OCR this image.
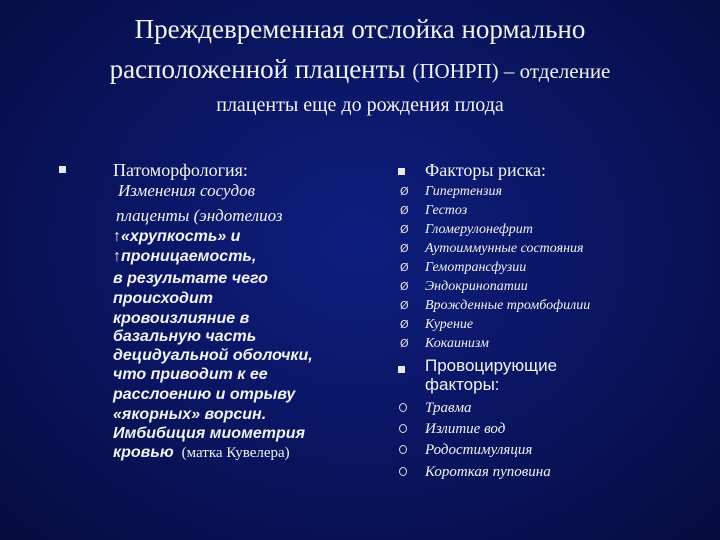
Преждевременная отслойка нормально
расположенной плаценты (ПОНРП) – отделение
плаценты еще до рождения плода
Патоморфология:
Изменения сосудов
плаценты (эндотелиоз
↑«хрупкость» и
↑проницаемость,
в результате чего
происходит
кровоизлияние в
базальную часть
децидуальной оболочки,
что приводит к ее
расслоению и отрыву
«якорных» ворсин.
Имбибиция миометрия
кровью (матка Кувелера)
Факторы риска:
Ø Гипертензия
Ø Гестоз
Ø Гломерулонефрит
Ø Аутоиммунные состояния
Ø Гемотрансфузии
Ø Эндокринопатии
Ø Врожденные тромбофилии
Ø Курение
Ø Кокаинизм
Провоцирующие
факторы:
Травма
Излитие вод
Родостимуляция
Короткая пуповина
